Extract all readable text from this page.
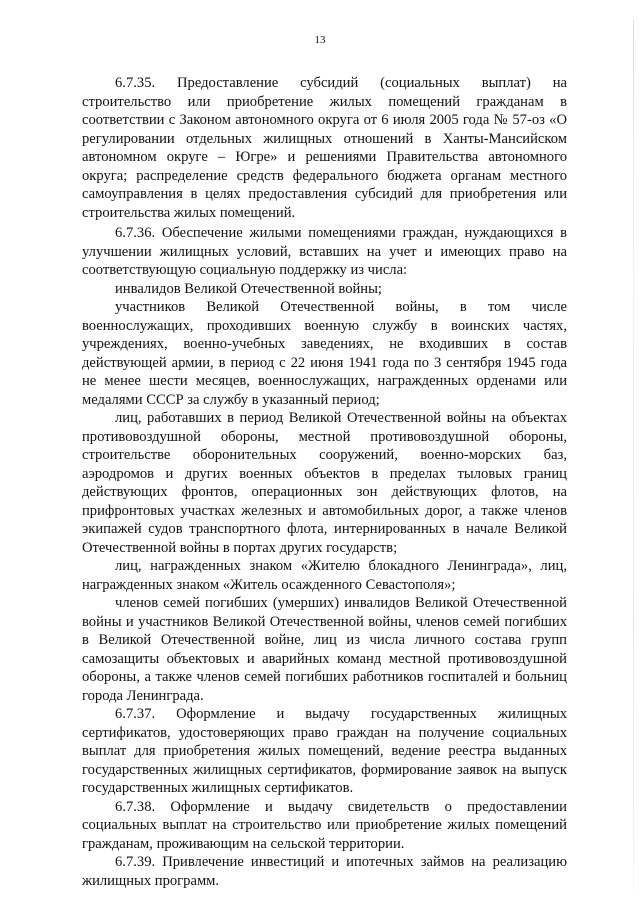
13

6.7.35. Предоставление субсидий (социальных выплат) на строительство или приобретение жилых помещений гражданам в соответствии с Законом автономного округа от 6 июля 2005 года № 57-оз «О регулировании отдельных жилищных отношений в Ханты-Мансийском автономном округе – Югре» и решениями Правительства автономного округа; распределение средств федерального бюджета органам местного самоуправления в целях предоставления субсидий для приобретения или строительства жилых помещений.

6.7.36. Обеспечение жилыми помещениями граждан, нуждающихся в улучшении жилищных условий, вставших на учет и имеющих право на соответствующую социальную поддержку из числа:

инвалидов Великой Отечественной войны;

участников Великой Отечественной войны, в том числе военнослужащих, проходивших военную службу в воинских частях, учреждениях, военно-учебных заведениях, не входивших в состав действующей армии, в период с 22 июня 1941 года по 3 сентября 1945 года не менее шести месяцев, военнослужащих, награжденных орденами или медалями СССР за службу в указанный период;

лиц, работавших в период Великой Отечественной войны на объектах противовоздушной обороны, местной противовоздушной обороны, строительстве оборонительных сооружений, военно-морских баз, аэродромов и других военных объектов в пределах тыловых границ действующих фронтов, операционных зон действующих флотов, на прифронтовых участках железных и автомобильных дорог, а также членов экипажей судов транспортного флота, интернированных в начале Великой Отечественной войны в портах других государств;

лиц, награжденных знаком «Жителю блокадного Ленинграда», лиц, награжденных знаком «Житель осажденного Севастополя»;

членов семей погибших (умерших) инвалидов Великой Отечественной войны и участников Великой Отечественной войны, членов семей погибших в Великой Отечественной войне, лиц из числа личного состава групп самозащиты объектовых и аварийных команд местной противовоздушной обороны, а также членов семей погибших работников госпиталей и больниц города Ленинграда.

6.7.37. Оформление и выдачу государственных жилищных сертификатов, удостоверяющих право граждан на получение социальных выплат для приобретения жилых помещений, ведение реестра выданных государственных жилищных сертификатов, формирование заявок на выпуск государственных жилищных сертификатов.

6.7.38. Оформление и выдачу свидетельств о предоставлении социальных выплат на строительство или приобретение жилых помещений гражданам, проживающим на сельской территории.

6.7.39. Привлечение инвестиций и ипотечных займов на реализацию жилищных программ.
